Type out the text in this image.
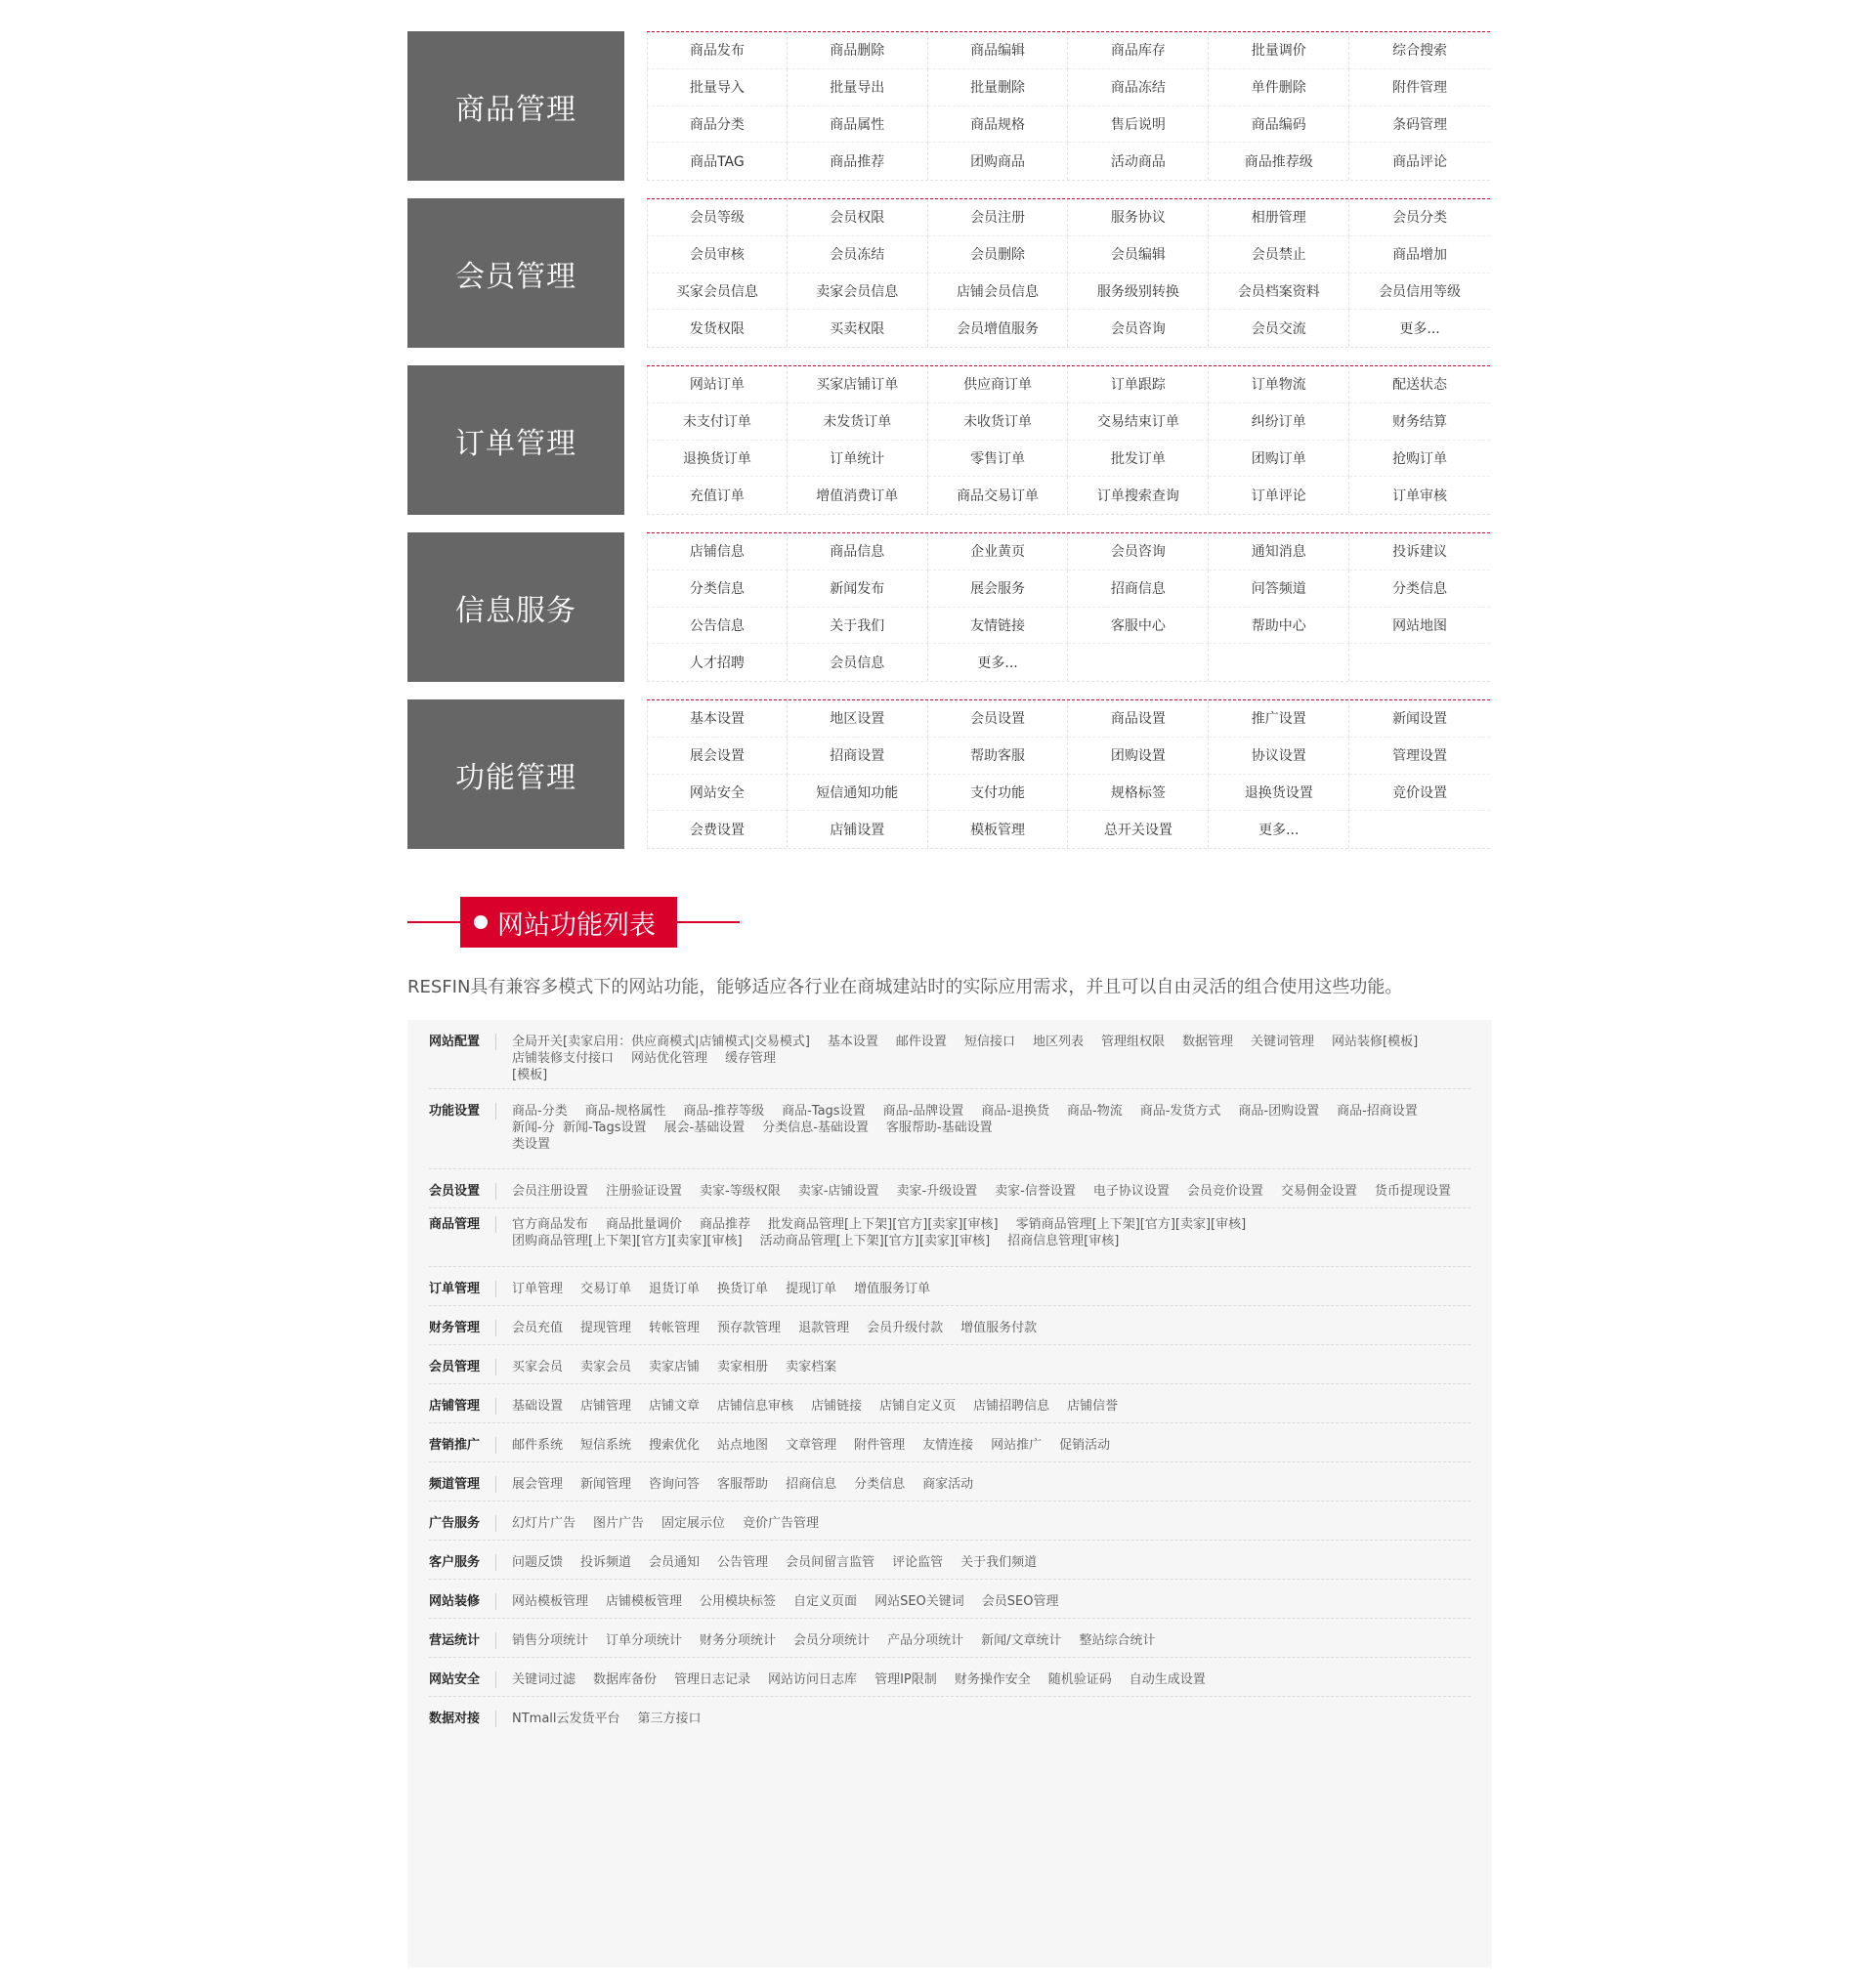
商品管理
商品发布	商品删除	商品编辑	商品库存	批量调价	综合搜索
批量导入	批量导出	批量删除	商品冻结	单件删除	附件管理
商品分类	商品属性	商品规格	售后说明	商品编码	条码管理
商品TAG	商品推荐	团购商品	活动商品	商品推荐级	商品评论
会员管理
会员等级	会员权限	会员注册	服务协议	相册管理	会员分类
会员审核	会员冻结	会员删除	会员编辑	会员禁止	商品增加
买家会员信息	卖家会员信息	店铺会员信息	服务级别转换	会员档案资料	会员信用等级
发货权限	买卖权限	会员增值服务	会员咨询	会员交流	更多...
订单管理
网站订单	买家店铺订单	供应商订单	订单跟踪	订单物流	配送状态
未支付订单	未发货订单	未收货订单	交易结束订单	纠纷订单	财务结算
退换货订单	订单统计	零售订单	批发订单	团购订单	抢购订单
充值订单	增值消费订单	商品交易订单	订单搜索查询	订单评论	订单审核
信息服务
店铺信息	商品信息	企业黄页	会员咨询	通知消息	投诉建议
分类信息	新闻发布	展会服务	招商信息	问答频道	分类信息
公告信息	关于我们	友情链接	客服中心	帮助中心	网站地图
人才招聘	会员信息	更多...
功能管理
基本设置	地区设置	会员设置	商品设置	推广设置	新闻设置
展会设置	招商设置	帮助客服	团购设置	协议设置	管理设置
网站安全	短信通知功能	支付功能	规格标签	退换货设置	竞价设置
会费设置	店铺设置	模板管理	总开关设置	更多...
网站功能列表
RESFIN具有兼容多模式下的网站功能，能够适应各行业在商城建站时的实际应用需求，并且可以自由灵活的组合使用这些功能。
网站配置	全局开关[卖家启用：供应商模式|店铺模式|交易模式] 基本设置 邮件设置 短信接口 地区列表 管理组权限 数据管理 关键词管理 网站装修[模板]
店铺装修[模板]
支付接口 网站优化管理 缓存管理
功能设置	商品-分类 商品-规格属性 商品-推荐等级 商品-Tags设置 商品-品牌设置 商品-退换货 商品-物流 商品-发货方式 商品-团购设置 商品-招商设置
新闻-分类设置
新闻-Tags设置 展会-基础设置 分类信息-基础设置 客服帮助-基础设置
会员设置	会员注册设置 注册验证设置 卖家-等级权限 卖家-店铺设置 卖家-升级设置 卖家-信誉设置 电子协议设置 会员竞价设置 交易佣金设置 货币提现设置
商品管理	官方商品发布 商品批量调价 商品推荐 批发商品管理[上下架][官方][卖家][审核] 零销商品管理[上下架][官方][卖家][审核]
团购商品管理[上下架][官方][卖家][审核] 活动商品管理[上下架][官方][卖家][审核] 招商信息管理[审核]
订单管理	订单管理 交易订单 退货订单 换货订单 提现订单 增值服务订单
财务管理	会员充值 提现管理 转帐管理 预存款管理 退款管理 会员升级付款 增值服务付款
会员管理	买家会员 卖家会员 卖家店铺 卖家相册 卖家档案
店铺管理	基础设置 店铺管理 店铺文章 店铺信息审核 店铺链接 店铺自定义页 店铺招聘信息 店铺信誉
营销推广	邮件系统 短信系统 搜索优化 站点地图 文章管理 附件管理 友情连接 网站推广 促销活动
频道管理	展会管理 新闻管理 咨询问答 客服帮助 招商信息 分类信息 商家活动
广告服务	幻灯片广告 图片广告 固定展示位 竞价广告管理
客户服务	问题反馈 投诉频道 会员通知 公告管理 会员间留言监管 评论监管 关于我们频道
网站装修	网站模板管理 店铺模板管理 公用模块标签 自定义页面 网站SEO关键词 会员SEO管理
营运统计	销售分项统计 订单分项统计 财务分项统计 会员分项统计 产品分项统计 新闻/文章统计 整站综合统计
网站安全	关键词过滤 数据库备份 管理日志记录 网站访问日志库 管理IP限制 财务操作安全 随机验证码 自动生成设置
数据对接	NTmall云发货平台 第三方接口
